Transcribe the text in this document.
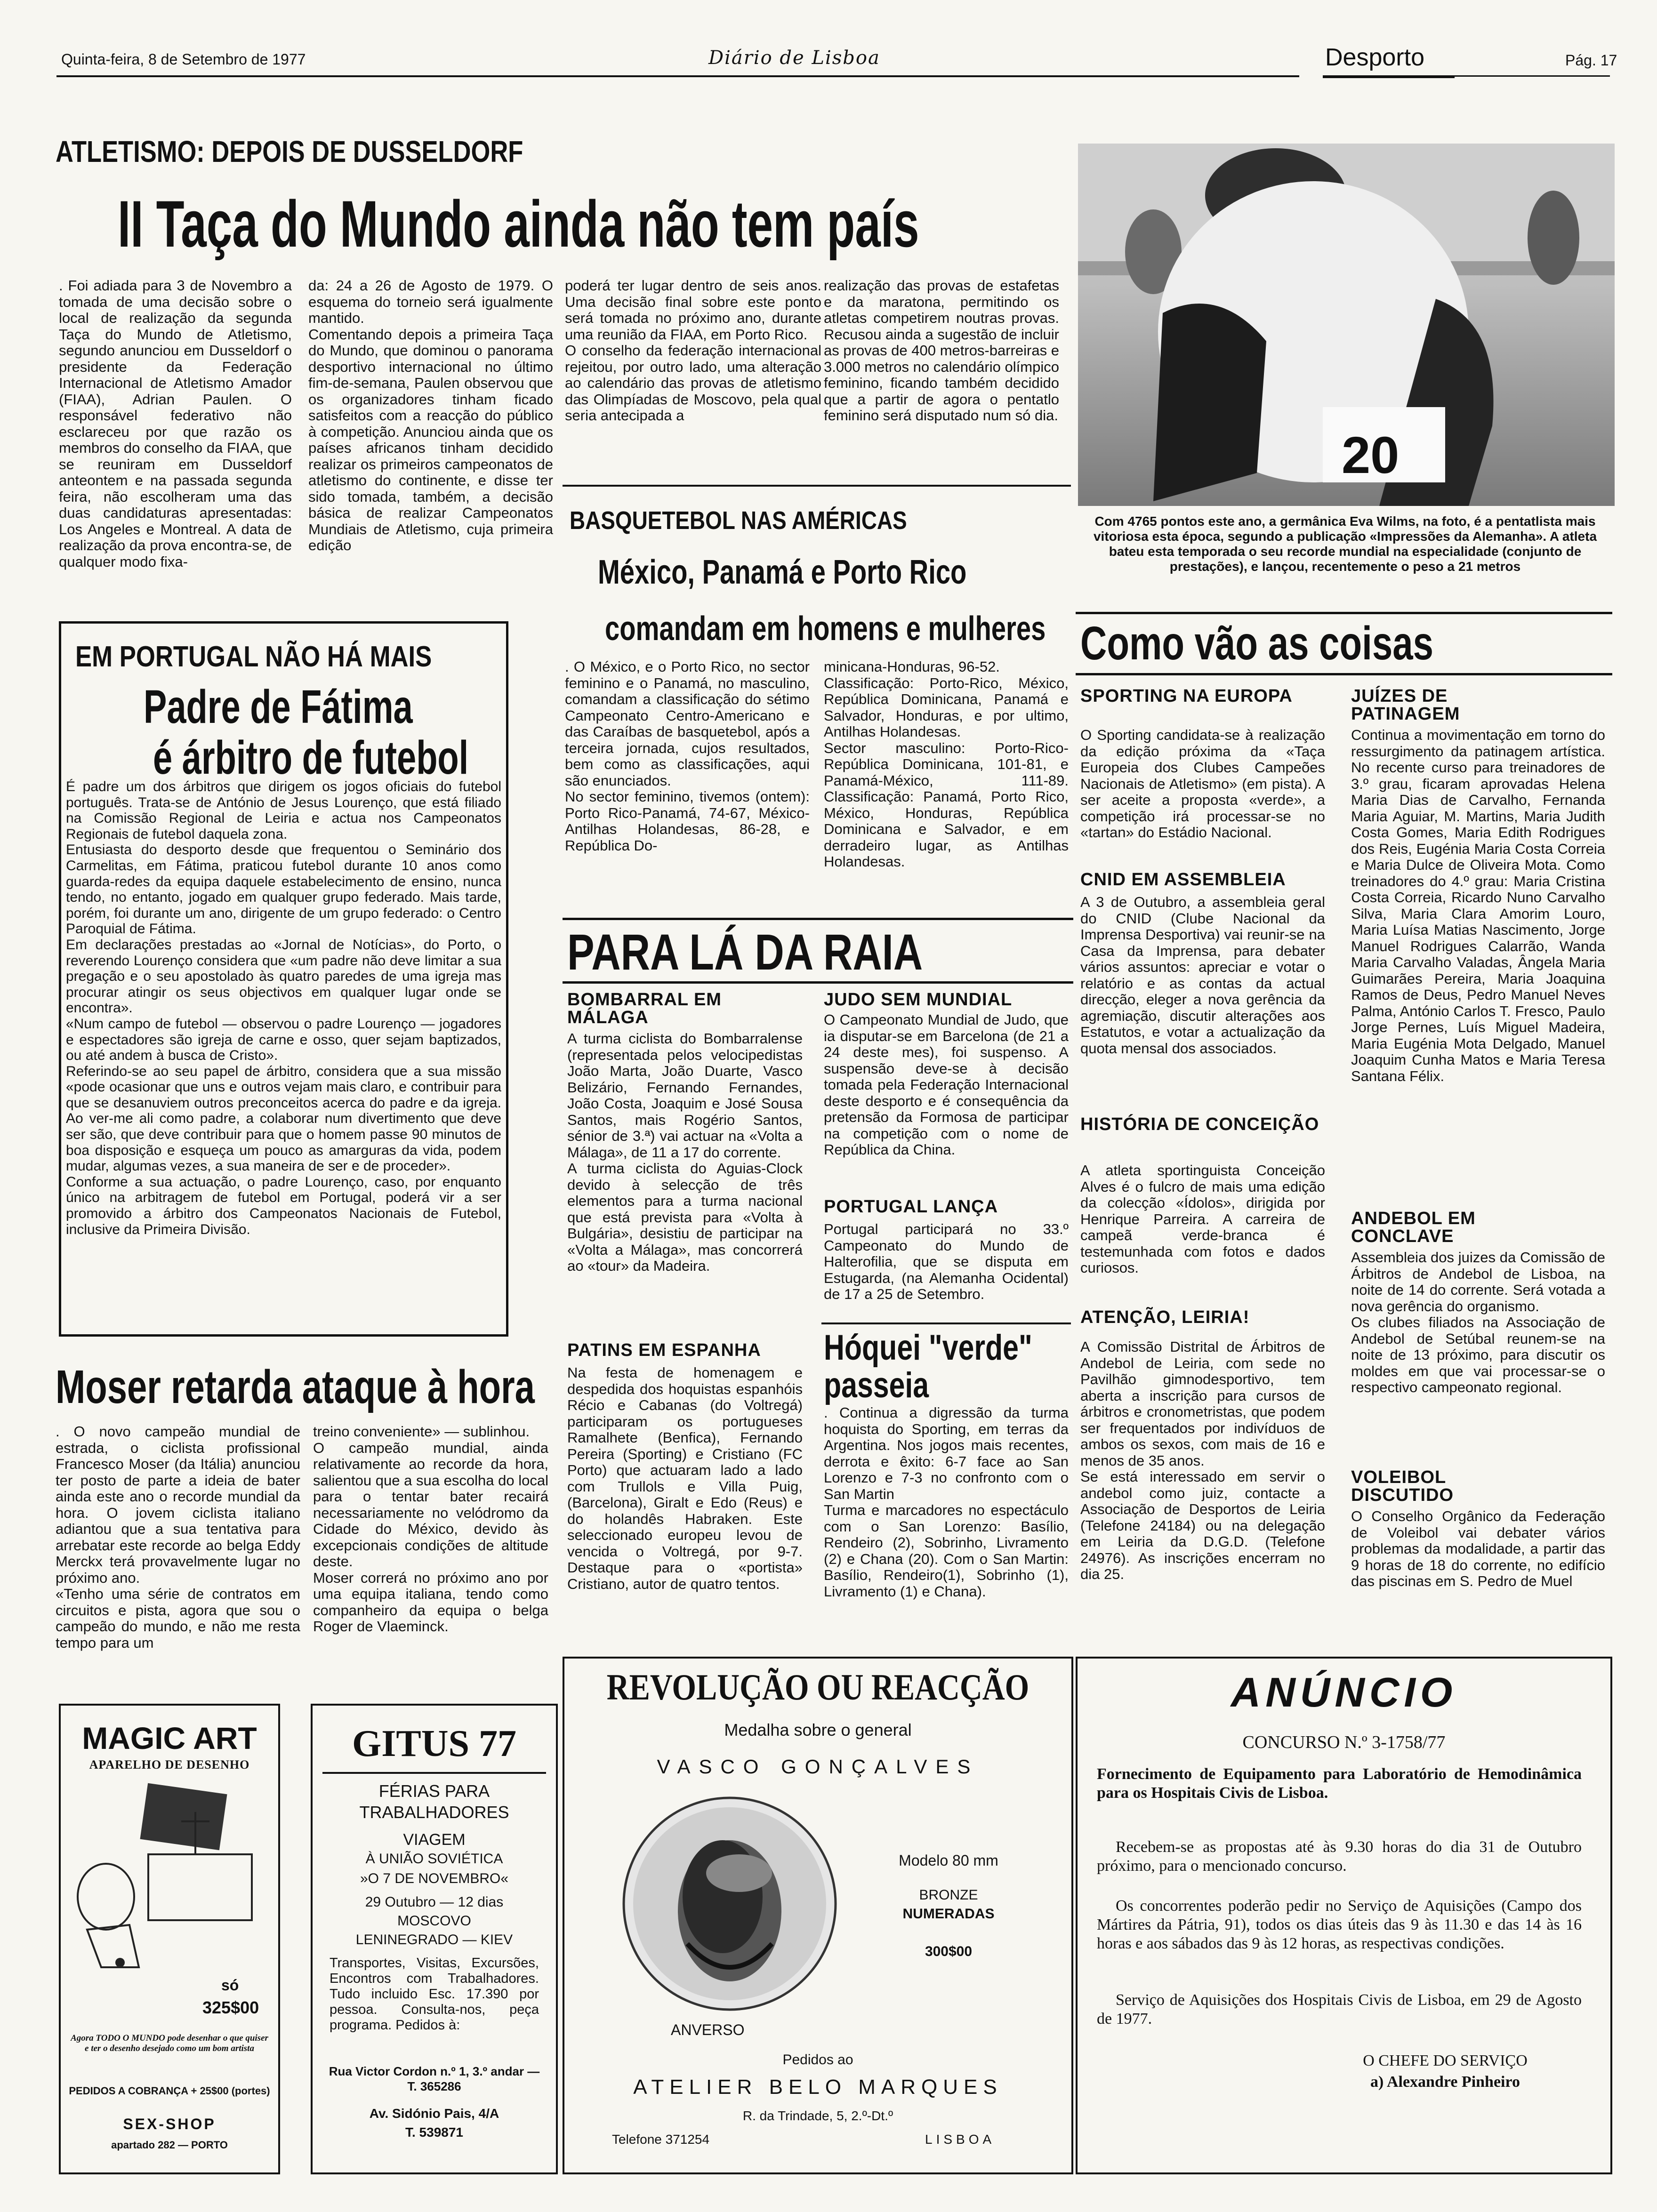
Quinta-feira, 8 de Setembro de 1977	Diário de Lisboa	Desporto	Pág. 17
ATLETISMO: DEPOIS DE DUSSELDORF
II Taça do Mundo ainda não tem país
. Foi adiada para 3 de Novembro a tomada de uma decisão sobre o local de realização da segunda Taça do Mundo de Atletismo, segundo anunciou em Dusseldorf o presidente da Federação Internacional de Atletismo Amador (FIAA), Adrian Paulen. O responsável federativo não esclareceu por que razão os membros do conselho da FIAA, que se reuniram em Dusseldorf anteontem e na passada segunda feira, não escolheram uma das duas candidaturas apresentadas: Los Angeles e Montreal. A data de realização da prova encontra-se, de qualquer modo fixa-
da: 24 a 26 de Agosto de 1979. O esquema do torneio será igualmente mantido.
Comentando depois a primeira Taça do Mundo, que dominou o panorama desportivo internacional no último fim-de-semana, Paulen observou que os organizadores tinham ficado satisfeitos com a reacção do público à competição. Anunciou ainda que os países africanos tinham decidido realizar os primeiros campeonatos de atletismo do continente, e disse ter sido tomada, também, a decisão básica de realizar Campeonatos Mundiais de Atletismo, cuja primeira edição
poderá ter lugar dentro de seis anos. Uma decisão final sobre este ponto será tomada no próximo ano, durante uma reunião da FIAA, em Porto Rico.
O conselho da federação internacional rejeitou, por outro lado, uma alteração ao calendário das provas de atletismo das Olimpíadas de Moscovo, pela qual seria antecipada a
realização das provas de estafetas e da maratona, permitindo os atletas competirem noutras provas. Recusou ainda a sugestão de incluir as provas de 400 metros-barreiras e 3.000 metros no calendário olímpico feminino, ficando também decidido que a partir de agora o pentatlo feminino será disputado num só dia.
20
Com 4765 pontos este ano, a germânica Eva Wilms, na foto, é a pentatlista mais vitoriosa esta época, segundo a publicação «Impressões da Alemanha». A atleta bateu esta temporada o seu recorde mundial na especialidade (conjunto de prestações), e lançou, recentemente o peso a 21 metros
EM PORTUGAL NÃO HÁ MAIS
Padre de Fátima
é árbitro de futebol
É padre um dos árbitros que dirigem os jogos oficiais do futebol português. Trata-se de António de Jesus Lourenço, que está filiado na Comissão Regional de Leiria e actua nos Campeonatos Regionais de futebol daquela zona.
Entusiasta do desporto desde que frequentou o Seminário dos Carmelitas, em Fátima, praticou futebol durante 10 anos como guarda-redes da equipa daquele estabelecimento de ensino, nunca tendo, no entanto, jogado em qualquer grupo federado. Mais tarde, porém, foi durante um ano, dirigente de um grupo federado: o Centro Paroquial de Fátima.
Em declarações prestadas ao «Jornal de Notícias», do Porto, o reverendo Lourenço considera que «um padre não deve limitar a sua pregação e o seu apostolado às quatro paredes de uma igreja mas procurar atingir os seus objectivos em qualquer lugar onde se encontra».
«Num campo de futebol — observou o padre Lourenço — jogadores e espectadores são igreja de carne e osso, quer sejam baptizados, ou até andem à busca de Cristo».
Referindo-se ao seu papel de árbitro, considera que a sua missão «pode ocasionar que uns e outros vejam mais claro, e contribuir para que se desanuviem outros preconceitos acerca do padre e da igreja. Ao ver-me ali como padre, a colaborar num divertimento que deve ser são, que deve contribuir para que o homem passe 90 minutos de boa disposição e esqueça um pouco as amarguras da vida, podem mudar, algumas vezes, a sua maneira de ser e de proceder».
Conforme a sua actuação, o padre Lourenço, caso, por enquanto único na arbitragem de futebol em Portugal, poderá vir a ser promovido a árbitro dos Campeonatos Nacionais de Futebol, inclusive da Primeira Divisão.
Moser retarda ataque à hora
. O novo campeão mundial de estrada, o ciclista profissional Francesco Moser (da Itália) anunciou ter posto de parte a ideia de bater ainda este ano o recorde mundial da hora. O jovem ciclista italiano adiantou que a sua tentativa para arrebatar este recorde ao belga Eddy Merckx terá provavelmente lugar no próximo ano.
«Tenho uma série de contratos em circuitos e pista, agora que sou o campeão do mundo, e não me resta tempo para um
treino conveniente» — sublinhou.
O campeão mundial, ainda relativamente ao recorde da hora, salientou que a sua escolha do local para o tentar bater recairá necessariamente no velódromo da Cidade do México, devido às excepcionais condições de altitude deste.
Moser correrá no próximo ano por uma equipa italiana, tendo como companheiro da equipa o belga Roger de Vlaeminck.
BASQUETEBOL NAS AMÉRICAS
México, Panamá e Porto Rico
comandam em homens e mulheres
. O México, e o Porto Rico, no sector feminino e o Panamá, no masculino, comandam a classificação do sétimo Campeonato Centro-Americano e das Caraíbas de basquetebol, após a terceira jornada, cujos resultados, bem como as classificações, aqui são enunciados.
No sector feminino, tivemos (ontem): Porto Rico-Panamá, 74-67, México-Antilhas Holandesas, 86-28, e República Do-
minicana-Honduras, 96-52.
Classificação: Porto-Rico, México, República Dominicana, Panamá e Salvador, Honduras, e por ultimo, Antilhas Holandesas.
Sector masculino: Porto-Rico-República Dominicana, 101-81, e Panamá-México, 111-89. Classificação: Panamá, Porto Rico, México, Honduras, República Dominicana e Salvador, e em derradeiro lugar, as Antilhas Holandesas.
PARA LÁ DA RAIA
BOMBARRAL EM MÁLAGA
A turma ciclista do Bombarralense (representada pelos velocipedistas João Marta, João Duarte, Vasco Belizário, Fernando Fernandes, João Costa, Joaquim e José Sousa Santos, mais Rogério Santos, sénior de 3.ª) vai actuar na «Volta a Málaga», de 11 a 17 do corrente.
A turma ciclista do Aguias-Clock devido à selecção de três elementos para a turma nacional que está prevista para «Volta à Bulgária», desistiu de participar na «Volta a Málaga», mas concorrerá ao «tour» da Madeira.
PATINS EM ESPANHA
Na festa de homenagem e despedida dos hoquistas espanhóis Récio e Cabanas (do Voltregá) participaram os portugueses Ramalhete (Benfica), Fernando Pereira (Sporting) e Cristiano (FC Porto) que actuaram lado a lado com Trullols e Villa Puig, (Barcelona), Giralt e Edo (Reus) e do holandês Habraken. Este seleccionado europeu levou de vencida o Voltregá, por 9-7. Destaque para o «portista» Cristiano, autor de quatro tentos.
JUDO SEM MUNDIAL
O Campeonato Mundial de Judo, que ia disputar-se em Barcelona (de 21 a 24 deste mes), foi suspenso. A suspensão deve-se à decisão tomada pela Federação Internacional deste desporto e é consequência da pretensão da Formosa de participar na competição com o nome de República da China.
PORTUGAL LANÇA
Portugal participará no 33.º Campeonato do Mundo de Halterofilia, que se disputa em Estugarda, (na Alemanha Ocidental) de 17 a 25 de Setembro.
Hóquei "verde"
passeia
. Continua a digressão da turma hoquista do Sporting, em terras da Argentina. Nos jogos mais recentes, derrota e êxito: 6-7 face ao San Lorenzo e 7-3 no confronto com o San Martin
Turma e marcadores no espectáculo com o San Lorenzo: Basílio, Rendeiro (2), Sobrinho, Livramento (2) e Chana (20). Com o San Martin: Basílio, Rendeiro(1), Sobrinho (1), Livramento (1) e Chana).
Como vão as coisas
SPORTING NA EUROPA
O Sporting candidata-se à realização da edição próxima da «Taça Europeia dos Clubes Campeões Nacionais de Atletismo» (em pista). A ser aceite a proposta «verde», a competição irá processar-se no «tartan» do Estádio Nacional.
CNID EM ASSEMBLEIA
A 3 de Outubro, a assembleia geral do CNID (Clube Nacional da Imprensa Desportiva) vai reunir-se na Casa da Imprensa, para debater vários assuntos: apreciar e votar o relatório e as contas da actual direcção, eleger a nova gerência da agremiação, discutir alterações aos Estatutos, e votar a actualização da quota mensal dos associados.
HISTÓRIA DE CONCEIÇÃO
A atleta sportinguista Conceição Alves é o fulcro de mais uma edição da colecção «Ídolos», dirigida por Henrique Parreira. A carreira de campeã verde-branca é testemunhada com fotos e dados curiosos.
ATENÇÃO, LEIRIA!
A Comissão Distrital de Árbitros de Andebol de Leiria, com sede no Pavilhão gimnodesportivo, tem aberta a inscrição para cursos de árbitros e cronometristas, que podem ser frequentados por indivíduos de ambos os sexos, com mais de 16 e menos de 35 anos.
Se está interessado em servir o andebol como juiz, contacte a Associação de Desportos de Leiria (Telefone 24184) ou na delegação em Leiria da D.G.D. (Telefone 24976). As inscrições encerram no dia 25.
JUÍZES DE PATINAGEM
Continua a movimentação em torno do ressurgimento da patinagem artística. No recente curso para treinadores de 3.º grau, ficaram aprovadas Helena Maria Dias de Carvalho, Fernanda Maria Aguiar, M. Martins, Maria Judith Costa Gomes, Maria Edith Rodrigues dos Reis, Eugénia Maria Costa Correia e Maria Dulce de Oliveira Mota. Como treinadores do 4.º grau: Maria Cristina Costa Correia, Ricardo Nuno Carvalho Silva, Maria Clara Amorim Louro, Maria Luísa Matias Nascimento, Jorge Manuel Rodrigues Calarrão, Wanda Maria Carvalho Valadas, Ângela Maria Guimarães Pereira, Maria Joaquina Ramos de Deus, Pedro Manuel Neves Palma, António Carlos T. Fresco, Paulo Jorge Pernes, Luís Miguel Madeira, Maria Eugénia Mota Delgado, Manuel Joaquim Cunha Matos e Maria Teresa Santana Félix.
ANDEBOL EM CONCLAVE
Assembleia dos juizes da Comissão de Árbitros de Andebol de Lisboa, na noite de 14 do corrente. Será votada a nova gerência do organismo.
Os clubes filiados na Associação de Andebol de Setúbal reunem-se na noite de 13 próximo, para discutir os moldes em que vai processar-se o respectivo campeonato regional.
VOLEIBOL DISCUTIDO
O Conselho Orgânico da Federação de Voleibol vai debater vários problemas da modalidade, a partir das 9 horas de 18 do corrente, no edifício das piscinas em S. Pedro de Muel
MAGIC ART
APARELHO DE DESENHO
só
325$00
Agora TODO O MUNDO pode desenhar o que quiser e ter o desenho desejado como um bom artista
PEDIDOS A COBRANÇA + 25$00 (portes)
SEX-SHOP
apartado 282 — PORTO
GITUS 77
FÉRIAS PARA
TRABALHADORES
VIAGEM
À UNIÃO SOVIÉTICA
»O 7 DE NOVEMBRO«
29 Outubro — 12 dias
MOSCOVO
LENINEGRADO — KIEV
Transportes, Visitas, Excursões, Encontros com Trabalhadores. Tudo incluido Esc. 17.390 por pessoa. Consulta-nos, peça programa. Pedidos à:
Rua Victor Cordon n.º 1, 3.º andar — T. 365286
Av. Sidónio Pais, 4/A
T. 539871
REVOLUÇÃO OU REACÇÃO
Medalha sobre o general
VASCO GONÇALVES
Modelo 80 mm
BRONZE
NUMERADAS
300$00
ANVERSO
Pedidos ao
ATELIER BELO MARQUES
R. da Trindade, 5, 2.º-Dt.º
Telefone 371254	LISBOA
ANÚNCIO
CONCURSO N.º 3-1758/77
Fornecimento de Equipamento para Laboratório de Hemodinâmica para os Hospitais Civis de Lisboa.
Recebem-se as propostas até às 9.30 horas do dia 31 de Outubro próximo, para o mencionado concurso.
Os concorrentes poderão pedir no Serviço de Aquisições (Campo dos Mártires da Pátria, 91), todos os dias úteis das 9 às 11.30 e das 14 às 16 horas e aos sábados das 9 às 12 horas, as respectivas condições.
Serviço de Aquisições dos Hospitais Civis de Lisboa, em 29 de Agosto de 1977.
O CHEFE DO SERVIÇO
a) Alexandre Pinheiro
